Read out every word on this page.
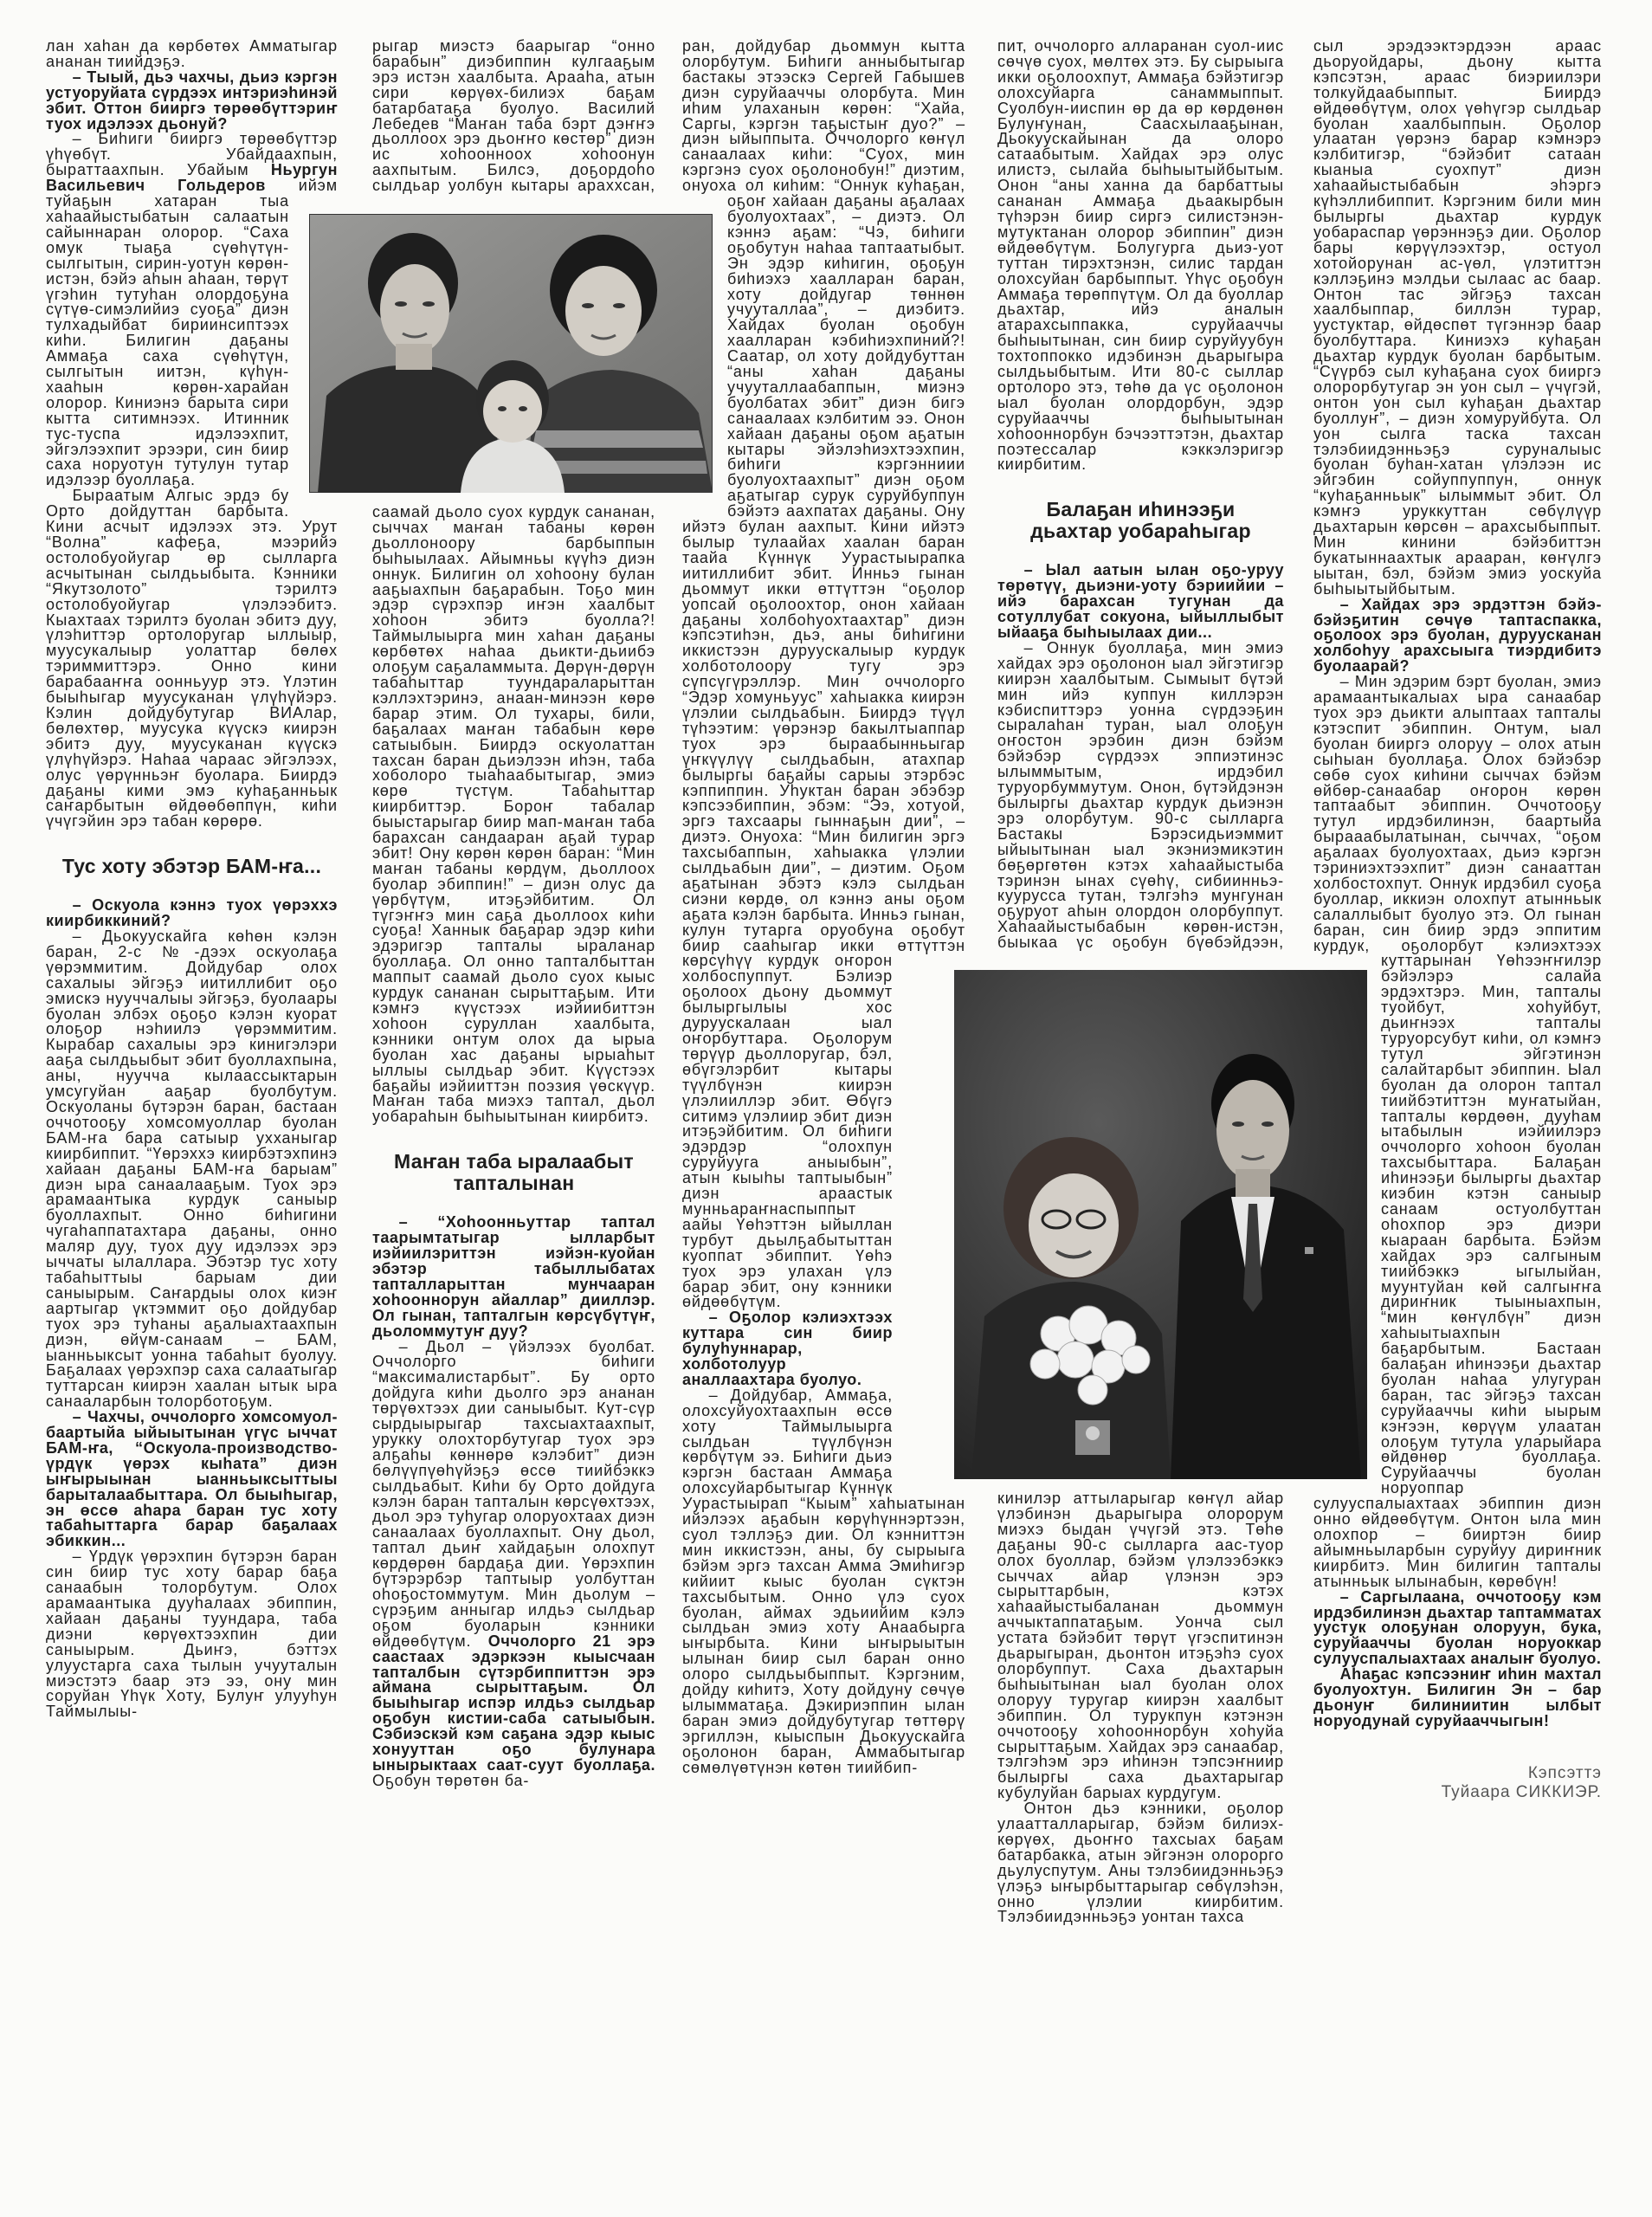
лан хаһан да көрбөтөх Амматыгар ананан тиийдэҕэ.

– Тыый, дьэ чахчы, дьиэ кэргэн устуоруйата сүрдээх интэриэһинэй эбит. Оттон бииргэ төрөөбүттэриҥ туох идэлээх дьонуй?

– Биһиги бииргэ төрөөбүттэр үһүөбүт. Убайдаахпын, быраттаахпын. Убайым Ньургун Васильевич Гольдеров ийэм туйаҕын хатаран тыа хаһаайыстыбатын салаатын сайыннаран олорор. “Саха омук тыаҕа сүөһүтүн-сылгытын, сирин-уотун көрөн-истэн, бэйэ аһын аһаан, төрүт үгэһин тутуһан олордоҕуна сүтүө-симэлийиэ суоҕа” диэн тулхадыйбат бириинсиптээх киһи. Билигин даҕаны Аммаҕа саха сүөһүтүн, сылгытын иитэн, күһүн-хааһын көрөн-харайан олорор. Киниэнэ барыта сири кытта ситимнээх. Итинник тус-туспа идэлээхпит, эйгэлээхпит эрээри, син биир саха норуотун тутулун тутар идэлээр буоллаҕа.

Быраатым Алгыс эрдэ бу Орто дойдуттан барбыта. Кини асчыт идэлээх этэ. Урут “Волна” кафеҕа, мээрийэ остолобуойугар өр сылларга асчытынан сылдьыбыта. Кэнники “Якутзолото” тэрилтэ остолобуойугар үлэлээбитэ. Кыахтаах тэрилтэ буолан эбитэ дуу, үлэһиттэр ортолоругар ыллыыр, муусукалыыр уолаттар бөлөх тэриммиттэрэ. Онно кини барабааҥҥа оонньуур этэ. Үлэтин быыһыгар муусуканан үлүһүйэрэ. Кэлин дойдубутугар ВИАлар, бөлөхтөр, муусука күүскэ киирэн эбитэ дуу, муусуканан күүскэ үлүһүйэрэ. Наһаа чараас эйгэлээх, олус үөрүнньэҥ буолара. Биирдэ даҕаны кими эмэ куһаҕанньык саҥарбытын өйдөөбөппүн, киһи үчүгэйин эрэ табан көрөрө.

Тус хоту эбэтэр БАМ-ҥа...

– Оскуола кэннэ туох үөрэххэ киирбиккиний?

– Дьокуускайга көһөн кэлэн баран, 2-с №-дээх оскуолаҕа үөрэммитим. Дойдубар олох сахалыы эйгэҕэ иитиллибит оҕо эмискэ нууччалыы эйгэҕэ, буолаары буолан элбэх оҕоҕо кэлэн куорат олоҕор нэһиилэ үөрэммитим. Кырабар сахалыы эрэ кинигэлэри ааҕа сылдьыбыт эбит буоллахпына, аны, нуучча кылаассыктарын умсугуйан ааҕар буолбутум. Оскуоланы бүтэрэн баран, бастаан оччотооҕу хомсомуоллар буолан БАМ-ҥа бара сатыыр ухханыгар киирбиппит. “Үөрэххэ киирбэтэхпинэ хайаан даҕаны БАМ-ҥа барыам” диэн ыра санаалааҕым. Туох эрэ арамаантыка курдук саныыр буоллахпыт. Онно биһигини чугаһаппатахтара даҕаны, онно маляр дуу, туох дуу идэлээх эрэ ыччаты ылаллара. Эбэтэр тус хоту табаһыттыы барыам дии саныырым. Саҥардыы олох киэҥ аартыгар үктэммит оҕо дойдубар туох эрэ туһаны аҕалыахтаахпын диэн, өйүм-санаам – БАМ, ыанньыксыт уонна табаһыт буолуу. Баҕалаах үөрэхпэр саха салаатыгар туттарсан киирэн хаалан ытык ыра санааларбын толорботоҕум.

– Чахчы, оччолорго хомсомуол-баартыйа ыйыытынан үгүс ыччат БАМ-ҥа, “Оскуола-производство-үрдүк үөрэх кыһата” диэн ыҥырыынан ыанньыксыттыы барыталаабыттара. Ол быыһыгар, эн өссө аһара баран тус хоту табаһыттарга барар баҕалаах эбиккин...

– Үрдүк үөрэхпин бүтэрэн баран син биир тус хоту барар баҕа санаабын толорбутум. Олох арамаантыка дууһалаах эбиппин, хайаан даҕаны туундара, таба диэни көрүөхтээхпин дии саныырым. Дьиҥэ, бэттэх улуустарга саха тылын учууталын миэстэтэ баар этэ ээ, ону мин соруйан Үһүк Хоту, Булуҥ улууһун Таймылыы-

рыгар миэстэ баарыгар “онно барабын” диэбиппин кулгааҕым эрэ истэн хаалбыта. Арааһа, атын сири көрүөх-билиэх баҕам батарбатаҕа буолуо. Василий Лебедев “Маҥан таба бэрт дэҥҥэ дьоллоох эрэ дьоҥҥо көстөр” диэн ис хоһоонноох хоһоонун аахпытым. Билсэ, доҕордоһо сылдьар уолбун кытары араххсан, саамай дьоло суох курдук сананан, сыччах маҥан табаны көрөн дьоллоноору барбыппын быһыылаах. Айымньы күүһэ диэн оннук. Билигин ол хоһоону булан ааҕыахпын баҕарабын. Тоҕо мин эдэр сүрэхпэр иҥэн хаалбыт хоһоон эбитэ буолла?! Таймылыырга мин хаһан даҕаны көрбөтөх наһаа дьикти-дьиибэ олоҕум саҕаламмыта. Дөрүн-дөрүн табаһыттар туундараларыттан кэллэхтэринэ, анаан-минээн көрө барар этим. Ол тухары, били, баҕалаах маҥан табабын көрө сатыыбын. Биирдэ оскуолаттан тахсан баран дьиэлээн иһэн, таба хоболоро тыаһаабытыгар, эмиэ көрө түстүм. Табаһыттар киирбиттэр. Бороҥ табалар быыстарыгар биир мап-маҥан таба барахсан сандааран аҕай турар эбит! Ону көрөн көрөн баран: “Мин маҥан табаны көрдүм, дьоллоох буолар эбиппин!” – диэн олус да үөрбүтүм, итэҕэйбитим. Ол түгэҥҥэ мин саҕа дьоллоох киһи суоҕа! Ханнык баҕарар эдэр киһи эдэригэр тапталы ыраланар буоллаҕа. Ол онно тапталбыттан маппыт саамай дьоло суох кыыс курдук сананан сырыттаҕым. Ити кэмҥэ күүстээх иэйиибиттэн хоһоон суруллан хаалбыта, кэнники онтум олох да ырыа буолан хас даҕаны ырыаһыт ыллыы сылдьар эбит. Күүстээх баҕайы иэйииттэн поэзия үөскүүр. Маҥан таба миэхэ таптал, дьол уобараһын быһыытынан киирбитэ.

Маҥан таба ыралаабыт тапталынан

– “Хоһоонньуттар таптал таарымтатыгар ылларбыт иэйиилэриттэн иэйэн-куойан эбэтэр табыллыбатах тапталларыттан мунчааран хоһооннорун айаллар” дииллэр. Ол гынан, тапталгын көрсүбүтүҥ, дьоломмутуҥ дуу?

– Дьол – үйэлээх буолбат. Оччолорго биһиги “максималистарбыт”. Бу орто дойдуга киһи дьолго эрэ ананан төрүөхтээх дии саныыбыт. Кут-сүр сырдыырыгар тахсыахтаахпыт, урукку олохторбутугар туох эрэ алҕаһы көннөрө кэлэбит” диэн бөлүүпүөһүйэҕэ өссө тиийбэккэ сылдьабыт. Киһи бу Орто дойдуга кэлэн баран тапталын көрсүөхтээх, дьол эрэ туһугар олоруохтаах диэн санаалаах буоллахпыт. Ону дьол, таптал дьиҥ хайдаҕын олохпут көрдөрөн бардаҕа дии. Үөрэхпин бүтэрэрбэр таптыыр уолбуттан оһоҕостоммутум. Мин дьолум – сүрэҕим анныгар илдьэ сылдьар оҕом буоларын кэнники өйдөөбүтүм. Оччолорго 21 эрэ саастаах эдэркээн кыысчаан тапталбын сүтэрбиппиттэн эрэ аймана сырыттаҕым. Ол быыһыгар испэр илдьэ сылдьар оҕобун кистии-саба сатыыбын. Сэбиэскэй кэм саҕана эдэр кыыс хонууттан оҕо булунара ынырыктаах саат-суут буоллаҕа. Оҕобун төрөтөн ба-

ран, дойдубар дьоммун кытта олорбутум. Биһиги анныбытыгар бастакы этээскэ Сергей Габышев диэн суруйааччы олорбута. Мин иһим улаханын көрөн: “Хайа, Саргы, кэргэн таҕыстыҥ дуо?” – диэн ыйыппыта. Оччолорго көҥүл санаалаах киһи: “Суох, мин кэргэнэ суох оҕолонобун!” диэтим, онуоха ол киһим: “Оннук куһаҕан, оҕоҥ хайаан даҕаны аҕалаах буолуохтаах”, – диэтэ. Ол кэннэ аҕам: “Чэ, биһиги оҕобутун наһаа таптаатыбыт. Эн эдэр киһигин, оҕоҕун биһиэхэ хаалларан баран, хоту дойдугар төннөн учууталлаа”, – диэбитэ. Хайдах буолан оҕобун хаалларан кэбиһиэхпиний?! Саатар, ол хоту дойдубуттан “аны хаһан даҕаны учууталлаабаппын, миэнэ буолбатах эбит” диэн бигэ санаалаах кэлбитим ээ. Онон хайаан даҕаны оҕом аҕатын кытары эйэлэһиэхтээхпин, биһиги кэргэнниии буолуохтаахпыт” диэн оҕом аҕатыгар сурук суруйбуппун бэйэтэ аахпатах даҕаны. Ону ийэтэ булан аахпыт. Кини ийэтэ былыр тулаайах хаалан баран таайа Күннүк Уурастыырапка иитиллибит эбит. Инньэ гынан дьоммут икки өттүттэн “оҕолор уопсай оҕолоохтор, онон хайаан даҕаны холбоһуохтаахтар” диэн кэпсэтиһэн, дьэ, аны биһигини иккистээн дуруускалыыр курдук холботолоору тугу эрэ сүпсүгүрэллэр. Мин оччолорго “Эдэр хомуньуус” хаһыакка киирэн үлэлии сылдьабын. Биирдэ түүл түһээтим: үөрэнэр бакылтыаппар туох эрэ быраабынньыгар үҥкүүлүү сылдьабын, атахпар былыргы баҕайы сарыы этэрбэс кэппиппин. Уһуктан баран эбэбэр кэпсээбиппин, эбэм: “Ээ, хотуой, эргэ тахсаары гыннаҕын дии”, – диэтэ. Онуоха: “Мин билигин эргэ тахсыбаппын, хаһыакка үлэлии сылдьабын дии”, – диэтим. Оҕом аҕатынан эбэтэ кэлэ сылдьан сиэни көрдө, ол кэннэ аны оҕом аҕата кэлэн барбыта. Инньэ гынан, кулун тутарга оруобуна оҕобут биир сааһыгар икки өттүттэн көрсүһүү курдук оҥорон холбоспуппут. Бэлиэр оҕолоох дьону дьоммут былыргылыы хос дуруускалаан ыал оҥорбуттара. Оҕолорум төрүүр дьоллоругар, бэл, өбүгэлэрбит кытары түүлбүнэн киирэн үлэлииллэр эбит. Өбүгэ ситимэ үлэлиир эбит диэн итэҕэйбитим. Ол биһиги эдэрдэр “олохпун суруйууга аныыбын”, атын кыыһы таптыыбын” диэн араастык мунньараҥнаспыппыт аайы Үөһэттэн ыйыллан турбут дьылҕабытыттан куоппат эбиппит. Үөһэ туох эрэ улахан үлэ барар эбит, ону кэнники өйдөөбүтүм.

– Оҕолор кэлиэхтээх куттара син биир булуһуннарар, холботолуур аналлаахтара буолуо.

– Дойдубар, Аммаҕа, олохсуйуохтаахпын өссө хоту Таймылыырга сылдьан түүлбүнэн көрбүтүм ээ. Биһиги дьиэ кэргэн бастаан Аммаҕа олохсуйарбытыгар Күннүк Уурастыырап “Кыым” хаһыатынан ийэлээх аҕабын көрүһүннэртээн, суол тэллэҕэ дии. Ол кэнниттэн мин иккистээн, аны, бу сырыыга бэйэм эргэ тахсан Амма Эмиһигэр кийиит кыыс буолан сүктэн тахсыбытым. Онно үлэ суох буолан, аймах эдьиийим кэлэ сылдьан эмиэ хоту Анаабырга ыҥырбыта. Кини ыҥырыытын ылынан биир сыл баран онно олоро сылдьыбыппыт. Кэргэним, дойду киһитэ, Хоту дойдуну сөчүө ылымматаҕа. Дэкириэппин ылан баран эмиэ дойдубутугар төттөрү эргиллэн, кыыспын Дьокуускайга оҕолонон баран, Аммабытыгар сөмөлүөтүнэн көтөн тиийбип-

пит, оччолорго алларанан суол-иис сөчүө суох, мөлтөх этэ. Бу сырыыга икки оҕолоохпут, Аммаҕа бэйэтигэр олохсуйарга санаммыппыт. Суолбун-ииспин өр да өр көрдөнөн Булуҥунан, Саасхылааҕынан, Дьокуускайынан да олоро сатаабытым. Хайдах эрэ олус илистэ, сылайа быһыытыйбытым. Онон “аны ханна да барбаттыы сананан Аммаҕа дьаакырбын түһэрэн биир сиргэ силистэнэн-мутуктанан олорор эбиппин” диэн өйдөөбүтүм. Болугурга дьиэ-уот туттан тирэхтэнэн, силис тардан олохсуйан барбыппыт. Үһүс оҕобун Аммаҕа төрөппүтүм. Ол да буоллар дьахтар, ийэ аналын атарахсыппакка, суруйааччы быһыытынан, син биир суруйуубун тохтоппокко идэбинэн дьарыгыра сылдьыбытым. Ити 80-с сыллар ортолоро этэ, төһө да үс оҕолонон ыал буолан олордорбун, эдэр суруйааччы быһыытынан хоһооннорбун бэчээттэтэн, дьахтар поэтессалар кэккэлэригэр киирбитим.

Балаҕан иһинээҕи дьахтар уобараһыгар

– Ыал аатын ылан оҕо-уруу төрөтүү, дьиэни-уоту бэриийии – ийэ барахсан тугунан да сотуллубат сокуона, ыйыллыбыт ыйааҕа быһыылаах дии...

– Оннук буоллаҕа, мин эмиэ хайдах эрэ оҕолонон ыал эйгэтигэр киирэн хаалбытым. Сымыыт бүтэй мин ийэ куппун киллэрэн кэбиспиттэрэ уонна сүрдээҕин сыралаһан туран, ыал олоҕун оҥостон эрэбин диэн бэйэм бэйэбэр сүрдээх эппиэтинэс ылыммытым, ирдэбил туруорбуммутум. Онон, бүтэйдэнэн былыргы дьахтар курдук дьиэнэн эрэ олорбутум. 90-с сылларга Бастакы Бэрэсидьиэммит ыйыытынан ыал экэниэмикэтин бөҕөргөтөн кэтэх хаһаайыстыба тэринэн ынах сүөһү, сибиинньэ-куурусса тутан, тэлгэһэ мунгунан оҕуруот аһын олордон олорбуппут. Хаһаайыстыбабын көрөн-истэн, быыкаа үс оҕобун бүөбэйдээн, кинилэр аттыларыгар көҥүл айар үлэбинэн дьарыгыра олорорум миэхэ быдан үчүгэй этэ. Төһө даҕаны 90-с сылларга аас-туор олох буоллар, бэйэм үлэлээбэккэ сыччах айар үлэнэн эрэ сырыттарбын, кэтэх хаһаайыстыбаланан дьоммун аччыктаппатаҕым. Уонча сыл устата бэйэбит төрүт үгэспитинэн дьарыгыран, дьонтон итэҕэһэ суох олорбуппут. Саха дьахтарын быһыытынан ыал буолан олох олоруу туругар киирэн хаалбыт эбиппин. Ол турукпун кэтэнэн оччотооҕу хоһооннорбун хоһуйа сырыттаҕым. Хайдах эрэ санаабар, тэлгэһэм эрэ иһинэн тэпсэҥниир былыргы саха дьахтарыгар кубулуйан барыах курдугум.

Онтон дьэ кэнники, оҕолор улаатталларыгар, бэйэм билиэх-көрүөх, дьоҥҥо тахсыах баҕам батарбакка, атын эйгэнэн олорорго дьулуспутум. Аны тэлэбиидэнньэҕэ үлэҕэ ыҥырбыттарыгар сөбүлэһэн, онно үлэлии киирбитим. Тэлэбиидэнньэҕэ уонтан тахса

сыл эрэдээктэрдээн араас дьоруойдары, дьону кытта кэпсэтэн, араас биэриилэри толкуйдаабыппыт. Биирдэ өйдөөбүтүм, олох үөһүгэр сылдьар буолан хаалбыппын. Оҕолор улаатан үөрэнэ барар кэмнэрэ кэлбитигэр, “бэйэбит сатаан кыаныа суохпут” диэн хаһаайыстыбабын эһэргэ күһэллибиппит. Кэргэним били мин былыргы дьахтар курдук уобараспар үөрэннэҕэ дии. Оҕолор бары көрүүлээхтэр, остуол хотойорунан ас-үөл, үлэтиттэн кэллэҕинэ мэлдьи сылаас ас баар. Онтон тас эйгэҕэ тахсан хаалбыппар, биллэн турар, уустуктар, өйдөспөт түгэннэр баар буолбуттара. Киниэхэ куһаҕан дьахтар курдук буолан барбытым. “Сүүрбэ сыл куһаҕана суох бииргэ олорорбутугар эн уон сыл – үчүгэй, онтон уон сыл куһаҕан дьахтар буоллуҥ”, – диэн хомуруйбута. Ол уон сылга таска тахсан тэлэбиидэнньэҕэ суруналыыс буолан буһан-хатан үлэлээн ис эйгэбин сойуппуппун, оннук “куһаҕанньык” ылыммыт эбит. Ол кэмҥэ уруккуттан сөбүлүүр дьахтарын көрсөн – арахсыбыппыт. Мин кинини бэйэбиттэн букатыннаахтык арааран, көҥүлгэ ыытан, бэл, бэйэм эмиэ уоскуйа быһыытыйбытым.

– Хайдах эрэ эрдэттэн бэйэ-бэйэҕитин сөчүө таптаспакка, оҕолоох эрэ буолан, дуруусканан холбоһуу арахсыыга тиэрдибитэ буолаарай?

– Мин эдэрим бэрт буолан, эмиэ арамаантыкалыах ыра санаабар туох эрэ дьикти алыптаах тапталы кэтэспит эбиппин. Онтум, ыал буолан бииргэ олоруу – олох атын сыһыан буоллаҕа. Олох бэйэбэр сөбө суох киһини сыччах бэйэм өйбөр-санаабар оҥорон көрөн таптаабыт эбиппин. Оччотооҕу тутул ирдэбилинэн, баартыйа бырааабылатынан, сыччах, “оҕом аҕалаах буолуохтаах, дьиэ кэргэн тэриниэхтээхпит” диэн санааттан холбостохпут. Оннук ирдэбил суоҕа буоллар, иккиэн олохпут атынньык салаллыбыт буолуо этэ. Ол гынан баран, син биир эрдэ эппитим курдук, оҕолорбут кэлиэхтээх куттарынан Үөһээҥҥилэр бэйэлэрэ салайа эрдэхтэрэ. Мин, тапталы туойбут, хоһуйбут, дьиҥнээх тапталы туруорсубут киһи, ол кэмҥэ тутул эйгэтинэн салайтарбыт эбиппин. Ыал буолан да олорон таптал тиийбэтиттэн муҥатыйан, тапталы көрдөөн, дууһам ытабылын иэйиилэрэ оччолорго хоһоон буолан тахсыбыттара. Балаҕан иһинээҕи былыргы дьахтар киэбин кэтэн саныыр санаам остуолбуттан оһохпор эрэ диэри кыараан барбыта. Бэйэм хайдах эрэ салгыным тиийбэккэ ыгылыйан, муунтуйан көй салгыҥҥа дириҥник тыыныахпын, “мин көҥүлбүн” диэн хаһыытыахпын баҕарбытым. Бастаан балаҕан иһинээҕи дьахтар буолан наһаа улугуран баран, тас эйгэҕэ тахсан суруйааччы киһи ыырым кэҥээн, көрүүм улаатан олоҕум тутула уларыйара өйдөнөр буоллаҕа. Суруйааччы буолан норуоппар сулууспалыахтаах эбиппин диэн онно өйдөөбүтүм. Онтон ыла мин олохпор – бииртэн биир айымньыларбын суруйуу дириҥник киирбитэ. Мин билигин тапталы атынньык ылынабын, көрөбүн!

– Саргылаана, оччотооҕу кэм ирдэбилинэн дьахтар таптамматах уустук олоҕунан олоруун, бука, суруйааччы буолан норуоккар сулууспалыахтаах аналыҥ буолуо.

Аһаҕас кэпсээниҥ иһин махтал буолуохтун. Билигин Эн – бар дьонуҥ билиниитин ылбыт норуодунай суруйааччыгын!

Кэпсэттэ
Туйаара СИККИЭР.
